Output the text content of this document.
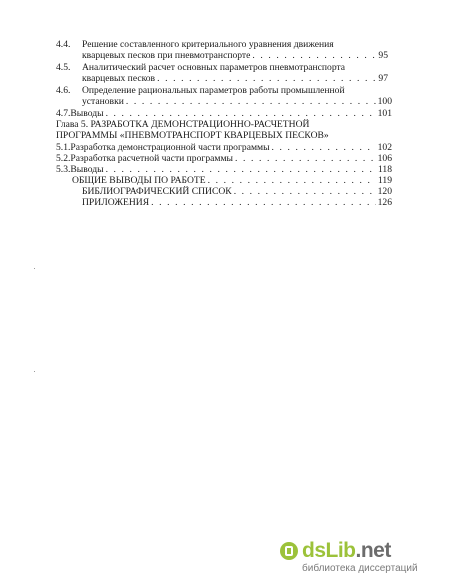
4.4.	Решение составленного критериального уравнения движения
кварцевых песков при пневмотранспорте . . .	95
4.5.	Аналитический расчет основных параметров пневмотранспорта
кварцевых песков . . .	97
4.6.	Определение рациональных параметров работы промышленной
установки . . .	100
4.7. Выводы . . .	101
Глава 5. РАЗРАБОТКА ДЕМОНСТРАЦИОННО-РАСЧЕТНОЙ
ПРОГРАММЫ «ПНЕВМОТРАНСПОРТ КВАРЦЕВЫХ ПЕСКОВ»
5.1. Разработка демонстрационной части программы . . .	102
5.2. Разработка расчетной части программы . . .	106
5.3. Выводы . . .	118
ОБЩИЕ ВЫВОДЫ ПО РАБОТЕ . . .	119
БИБЛИОГРАФИЧЕСКИЙ СПИСОК . . .	120
ПРИЛОЖЕНИЯ . . .	126
dsLib.net
библиотека диссертаций
